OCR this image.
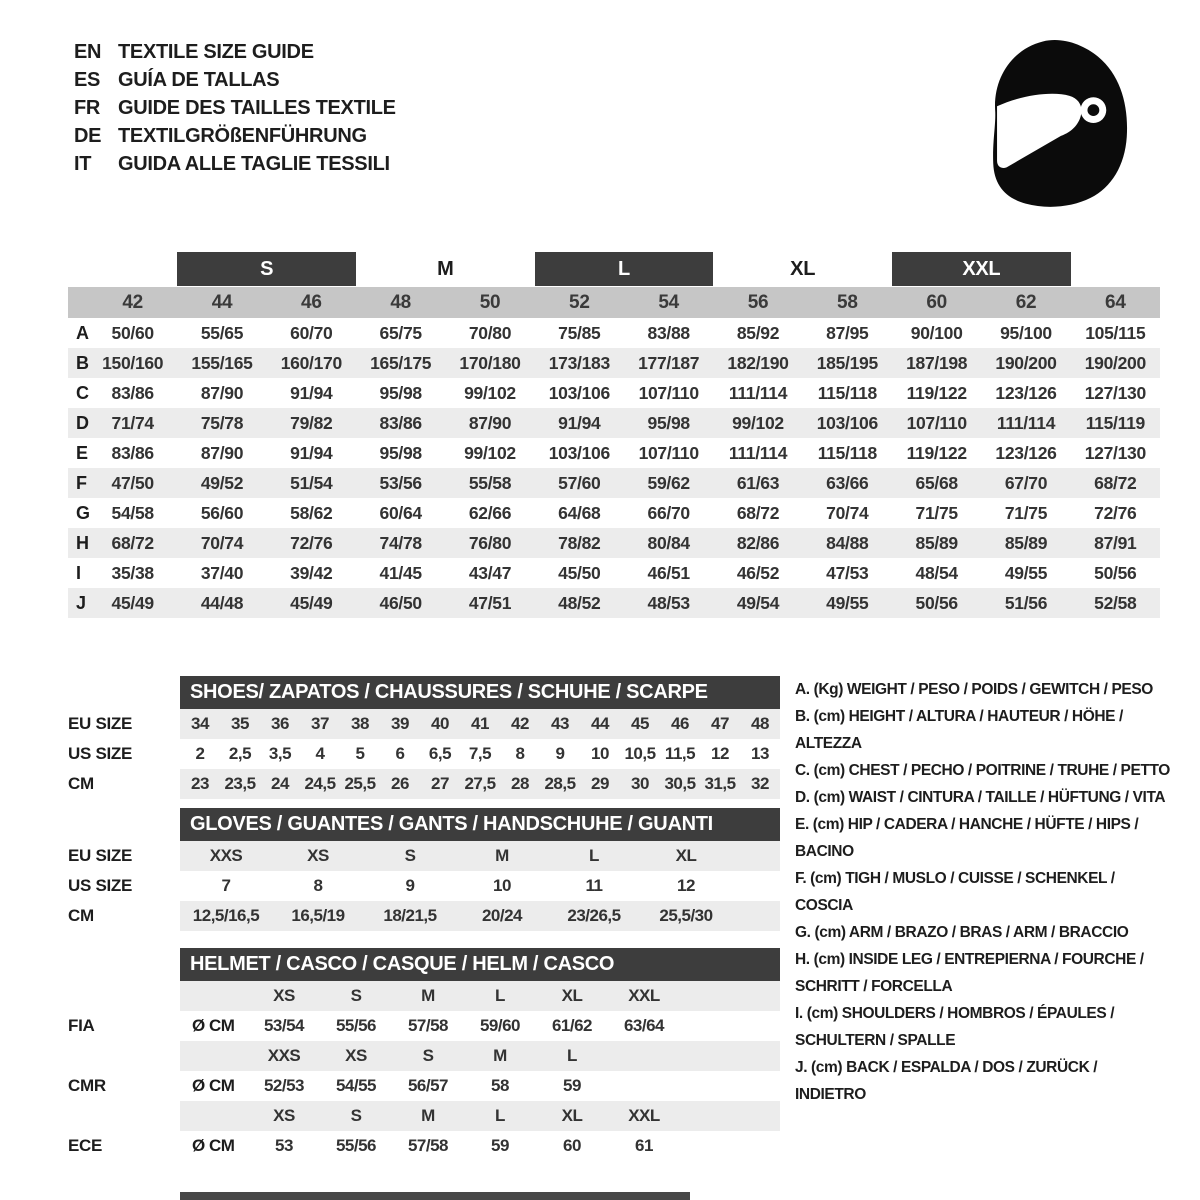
EN TEXTILE SIZE GUIDE
ES GUÍA DE TALLAS
FR GUIDE DES TAILLES TEXTILE
DE TEXTILGRÖßENFÜHRUNG
IT	GUIDA ALLE TAGLIE TESSILI
S	M	L	XL	XXL
42	44	46	48	50	52	54	56	58	60	62	64
A	50/60	55/65	60/70	65/75	70/80	75/85	83/88	85/92	87/95	90/100	95/100	105/115
B 150/160	155/165	160/170	165/175	170/180	173/183	177/187	182/190	185/195	187/198	190/200	190/200
C	83/86	87/90	91/94	95/98	99/102	103/106	107/110	111/114	115/118	119/122	123/126	127/130
D	71/74	75/78	79/82	83/86	87/90	91/94	95/98	99/102	103/106	107/110	111/114	115/119
E	83/86	87/90	91/94	95/98	99/102	103/106	107/110	111/114	115/118	119/122	123/126	127/130
F	47/50	49/52	51/54	53/56	55/58	57/60	59/62	61/63	63/66	65/68	67/70	68/72
G	54/58	56/60	58/62	60/64	62/66	64/68	66/70	68/72	70/74	71/75	71/75	72/76
H	68/72	70/74	72/76	74/78	76/80	78/82	80/84	82/86	84/88	85/89	85/89	87/91
I	35/38	37/40	39/42	41/45	43/47	45/50	46/51	46/52	47/53	48/54	49/55	50/56
J	45/49	44/48	45/49	46/50	47/51	48/52	48/53	49/54	49/55	50/56	51/56	52/58
SHOES/ ZAPATOS / CHAUSSURES / SCHUHE / SCARPE
EU SIZE	34	35	36	37	38	39	40	41	42	43	44	45	46	47	48
US SIZE	2	2,5	3,5	4	5	6	6,5	7,5	8	9	10 10,5 11,5 12	13
CM	23 23,5 24 24,5 25,5 26	27 27,5 28 28,5 29	30 30,5 31,5 32
GLOVES / GUANTES / GANTS / HANDSCHUHE / GUANTI
EU SIZE	XXS	XS	S	M	L	XL
US SIZE	7	8	9	10	11	12
CM	12,5/16,5	16,5/19	18/21,5	20/24	23/26,5	25,5/30
HELMET / CASCO / CASQUE / HELM / CASCO
XS	S	M	L	XL	XXL
FIA	Ø CM	53/54	55/56	57/58	59/60	61/62	63/64
XXS	XS	S	M	L
CMR	Ø CM	52/53	54/55	56/57	58	59
XS	S	M	L	XL	XXL
ECE	Ø CM	53	55/56	57/58	59	60	61
A. (Kg) WEIGHT / PESO / POIDS / GEWITCH / PESO
B. (cm) HEIGHT / ALTURA / HAUTEUR / HÖHE / ALTEZZA
C. (cm) CHEST / PECHO / POITRINE / TRUHE / PETTO
D. (cm) WAIST / CINTURA / TAILLE / HÜFTUNG / VITA
E. (cm) HIP / CADERA / HANCHE / HÜFTE / HIPS / BACINO
F. (cm) TIGH / MUSLO / CUISSE / SCHENKEL / COSCIA
G. (cm) ARM / BRAZO / BRAS / ARM / BRACCIO
H. (cm) INSIDE LEG / ENTREPIERNA / FOURCHE / SCHRITT / FORCELLA
I. (cm) SHOULDERS / HOMBROS / ÉPAULES / SCHULTERN / SPALLE
J. (cm) BACK / ESPALDA / DOS / ZURÜCK / INDIETRO
